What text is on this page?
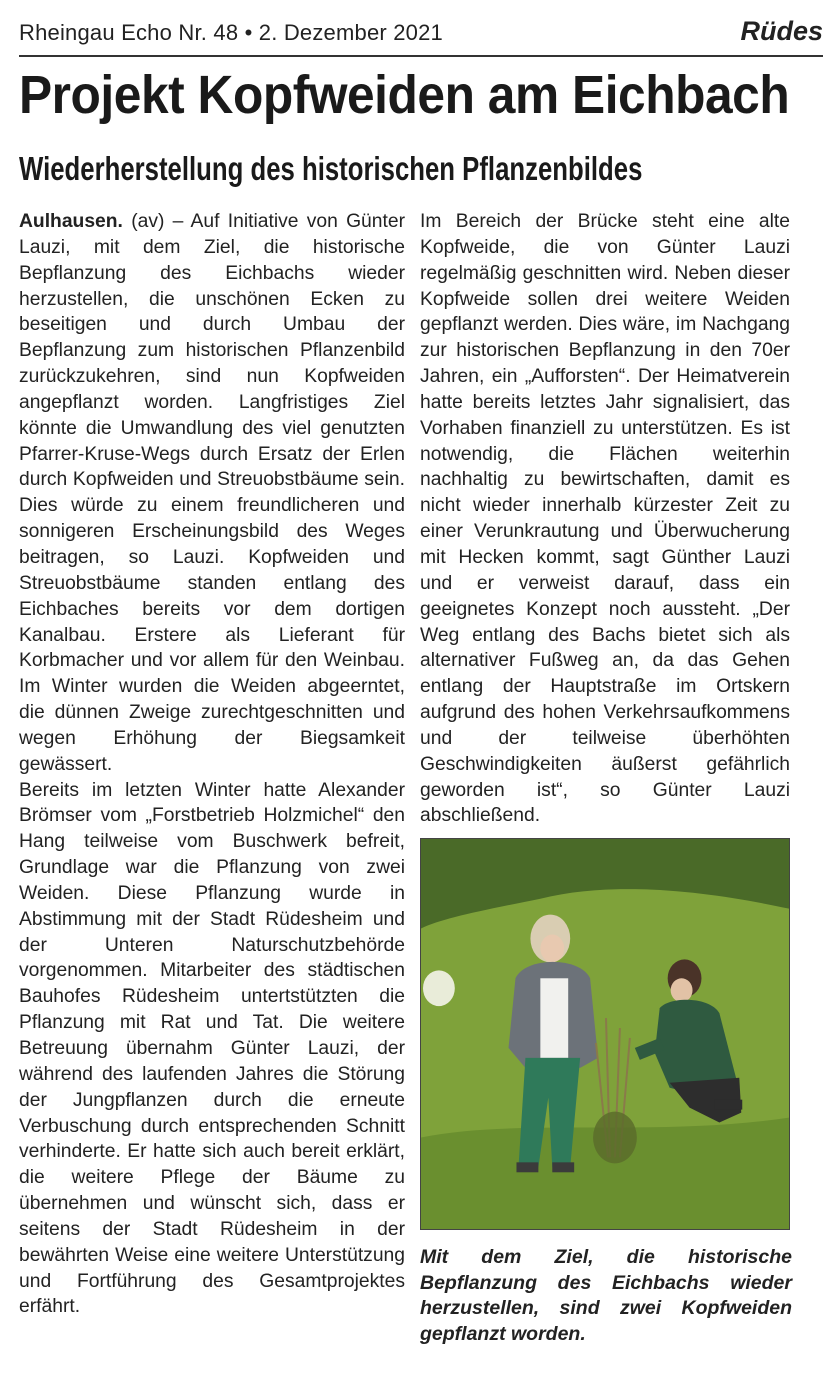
Rheingau Echo Nr. 48 • 2. Dezember 2021	Rüdes
Projekt Kopfweiden am Eichbach
Wiederherstellung des historischen Pflanzenbildes

Aulhausen. (av) – Auf Initiative von Günter Lauzi, mit dem Ziel, die historische Bepflanzung des Eichbachs wieder herzustellen, die unschönen Ecken zu beseitigen und durch Umbau der Bepflanzung zum historischen Pflanzenbild zurückzukehren, sind nun Kopfweiden angepflanzt worden. Langfristiges Ziel könnte die Umwandlung des viel genutzten Pfarrer-Kruse-Wegs durch Ersatz der Erlen durch Kopfweiden und Streuobstbäume sein. Dies würde zu einem freundlicheren und sonnigeren Erscheinungsbild des Weges beitragen, so Lauzi. Kopfweiden und Streuobstbäume standen entlang des Eichbaches bereits vor dem dortigen Kanalbau. Erstere als Lieferant für Korbmacher und vor allem für den Weinbau. Im Winter wurden die Weiden abgeerntet, die dünnen Zweige zurechtgeschnitten und wegen Erhöhung der Biegsamkeit gewässert.

Bereits im letzten Winter hatte Alexander Brömser vom „Forstbetrieb Holzmichel“ den Hang teilweise vom Buschwerk befreit, Grundlage war die Pflanzung von zwei Weiden. Diese Pflanzung wurde in Abstimmung mit der Stadt Rüdesheim und der Unteren Naturschutzbehörde vorgenommen. Mitarbeiter des städtischen Bauhofes Rüdesheim untertstützten die Pflanzung mit Rat und Tat. Die weitere Betreuung übernahm Günter Lauzi, der während des laufenden Jahres die Störung der Jungpflanzen durch die erneute Verbuschung durch entsprechenden Schnitt verhinderte. Er hatte sich auch bereit erklärt, die weitere Pflege der Bäume zu übernehmen und wünscht sich, dass er seitens der Stadt Rüdesheim in der bewährten Weise eine weitere Unterstützung und Fortführung des Gesamtprojektes erfährt.

Im Bereich der Brücke steht eine alte Kopfweide, die von Günter Lauzi regelmäßig geschnitten wird. Neben dieser Kopfweide sollen drei weitere Weiden gepflanzt werden. Dies wäre, im Nachgang zur historischen Bepflanzung in den 70er Jahren, ein „Aufforsten“. Der Heimatverein hatte bereits letztes Jahr signalisiert, das Vorhaben finanziell zu unterstützen. Es ist notwendig, die Flächen weiterhin nachhaltig zu bewirtschaften, damit es nicht wieder innerhalb kürzester Zeit zu einer Verunkrautung und Überwucherung mit Hecken kommt, sagt Günther Lauzi und er verweist darauf, dass ein geeignetes Konzept noch aussteht. „Der Weg entlang des Bachs bietet sich als alternativer Fußweg an, da das Gehen entlang der Hauptstraße im Ortskern aufgrund des hohen Verkehrsaufkommens und der teilweise überhöhten Geschwindigkeiten äußerst gefährlich geworden ist“, so Günter Lauzi abschließend.

Mit dem Ziel, die historische Bepflanzung des Eichbachs wieder herzustellen, sind zwei Kopfweiden gepflanzt worden.
